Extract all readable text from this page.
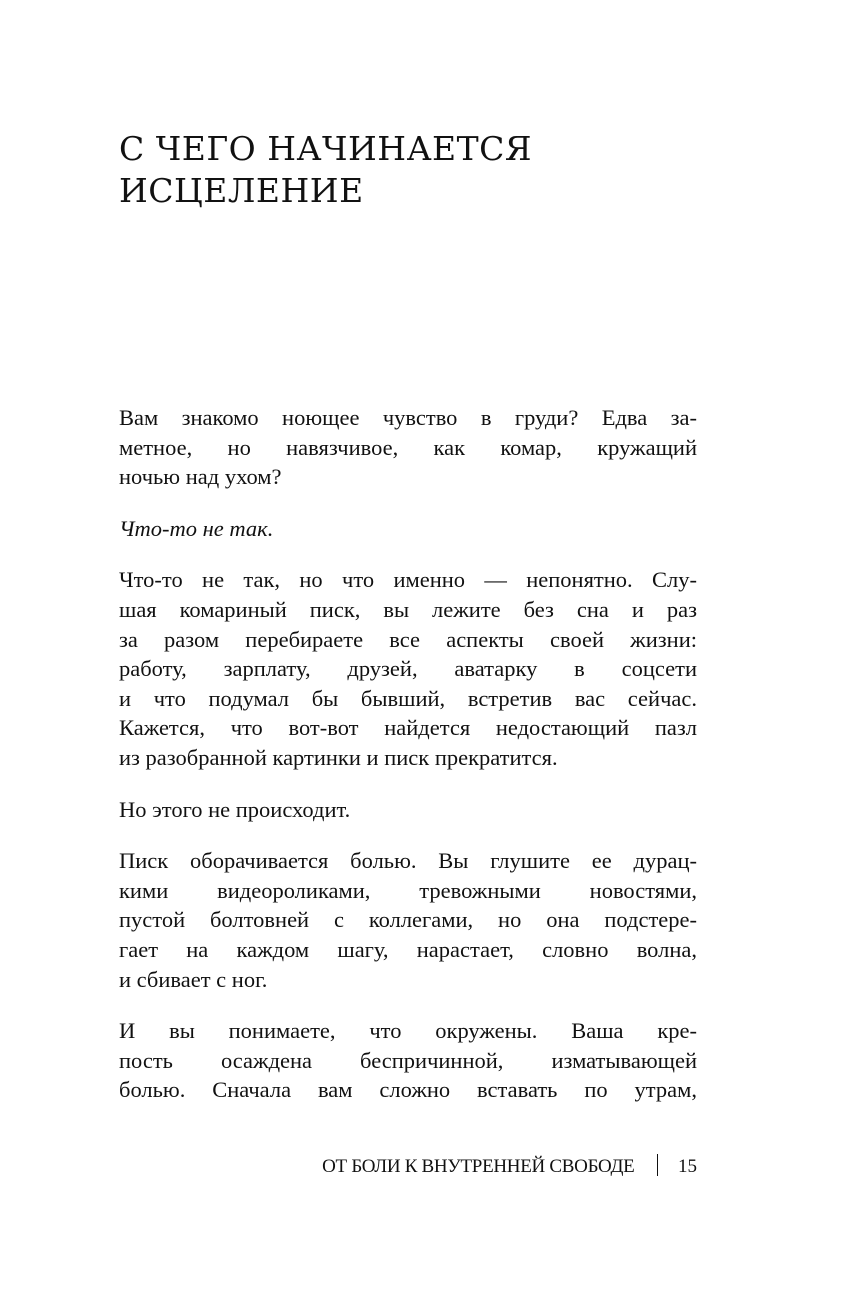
С ЧЕГО НАЧИНАЕТСЯ
ИСЦЕЛЕНИЕ

Вам знакомо ноющее чувство в груди? Едва за-
метное, но навязчивое, как комар, кружащий
ночью над ухом?

Что-то не так.

Что-то не так, но что именно — непонятно. Слу-
шая комариный писк, вы лежите без сна и раз
за разом перебираете все аспекты своей жизни:
работу, зарплату, друзей, аватарку в соцсети
и что подумал бы бывший, встретив вас сейчас.
Кажется, что вот-вот найдется недостающий пазл
из разобранной картинки и писк прекратится.

Но этого не происходит.

Писк оборачивается болью. Вы глушите ее дурац-
кими видеороликами, тревожными новостями,
пустой болтовней с коллегами, но она подстере-
гает на каждом шагу, нарастает, словно волна,
и сбивает с ног.

И вы понимаете, что окружены. Ваша кре-
пость осаждена беспричинной, изматывающей
болью. Сначала вам сложно вставать по утрам,

ОТ БОЛИ К ВНУТРЕННЕЙ СВОБОДЕ 15
